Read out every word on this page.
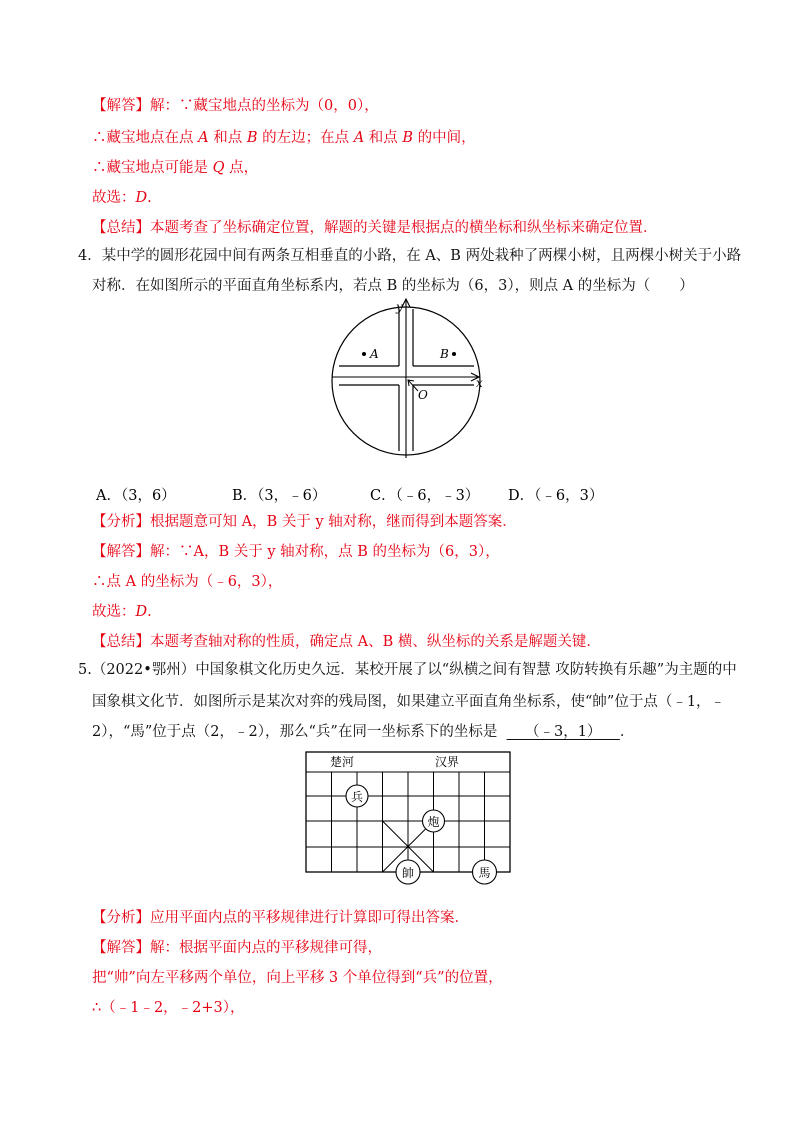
【解答】解：∵藏宝地点的坐标为（0，0），
∴藏宝地点在点 A 和点 B 的左边；在点 A 和点 B 的中间，
∴藏宝地点可能是 Q 点，
故选：D.
【总结】本题考查了坐标确定位置，解题的关键是根据点的横坐标和纵坐标来确定位置．
4．某中学的圆形花园中间有两条互相垂直的小路，在 A、B 两处栽种了两棵小树，且两棵小树关于小路
对称．在如图所示的平面直角坐标系内，若点 B 的坐标为（6，3），则点 A 的坐标为（　　）
y
x
O
A	B
A．（3，6）	B．（3，﹣6）	C．（﹣6，﹣3） D．（﹣6，3）
【分析】根据题意可知 A，B 关于 y 轴对称，继而得到本题答案．
【解答】解：∵A，B 关于 y 轴对称，点 B 的坐标为（6，3），
∴点 A 的坐标为（﹣6，3），
故选：D.
【总结】本题考查轴对称的性质，确定点 A、B 横、纵坐标的关系是解题关键．
5.（2022•鄂州）中国象棋文化历史久远．某校开展了以“纵横之间有智慧 攻防转换有乐趣”为主题的中
国象棋文化节．如图所示是某次对弈的残局图，如果建立平面直角坐标系，使“帥”位于点（﹣1，﹣
2），“馬”位于点（2，﹣2），那么“兵”在同一坐标系下的坐标是 （﹣3，1） ．
楚河	汉界
兵
炮
帥	馬
【分析】应用平面内点的平移规律进行计算即可得出答案．
【解答】解：根据平面内点的平移规律可得，
把“帅”向左平移两个单位，向上平移 3 个单位得到“兵”的位置，
∴（﹣1﹣2，﹣2+3），
